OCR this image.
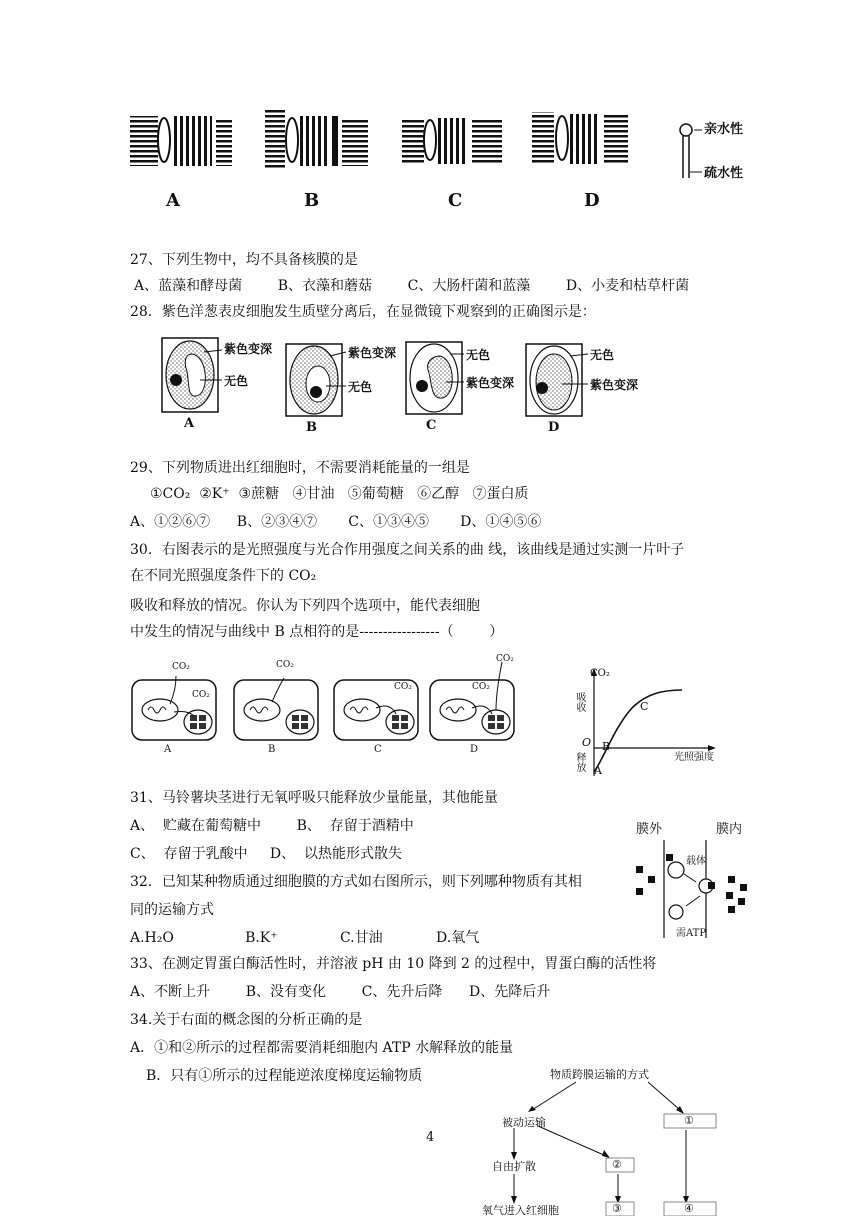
A	B	C	D
亲水性
疏水性
27、下列生物中，均不具备核膜的是
A、蓝藻和酵母菌        B、衣藻和蘑菇        C、大肠杆菌和蓝藻        D、小麦和枯草杆菌
28．紫色洋葱表皮细胞发生质壁分离后，在显微镜下观察到的正确图示是：
紫色变深
无色
紫色变深
无色
无色
紫色变深
无色
紫色变深
A	B	C	D
29、下列物质进出红细胞时，不需要消耗能量的一组是
①CO₂  ②K⁺  ③蔗糖   ④甘油   ⑤葡萄糖   ⑥乙醇   ⑦蛋白质
A、①②⑥⑦      B、②③④⑦       C、①③④⑤       D、①④⑤⑥
30．右图表示的是光照强度与光合作用强度之间关系的曲 线，该曲线是通过实测一片叶子
在不同光照强度条件下的 CO₂
吸收和释放的情况。你认为下列四个选项中，能代表细胞
中发生的情况与曲线中 B 点相符的是-----------------（        ）
CO₂
CO₂
CO₂
CO₂
CO₂
CO₂
A	B	C	D
CO₂
吸收
释放
O
光照强度
A
B
C
31、马铃薯块茎进行无氧呼吸只能释放少量能量，其他能量
A、  贮藏在葡萄糖中        B、  存留于酒精中
C、  存留于乳酸中     D、  以热能形式散失
膜外	膜内
载体
需ATP
32．已知某种物质通过细胞膜的方式如右图所示，则下列哪种物质有其相
同的运输方式
A.H₂O                B.K⁺              C.甘油            D.氧气
33、在测定胃蛋白酶活性时，并溶液 pH 由 10 降到 2 的过程中，胃蛋白酶的活性将
A、不断上升        B、没有变化        C、先升后降      D、先降后升
34.关于右面的概念图的分析正确的是
A．①和②所示的过程都需要消耗细胞内 ATP 水解释放的能量
B．只有①所示的过程能逆浓度梯度运输物质	物质跨膜运输的方式
被动运输	①
自由扩散	②
氧气进入红细胞	③	④
4
